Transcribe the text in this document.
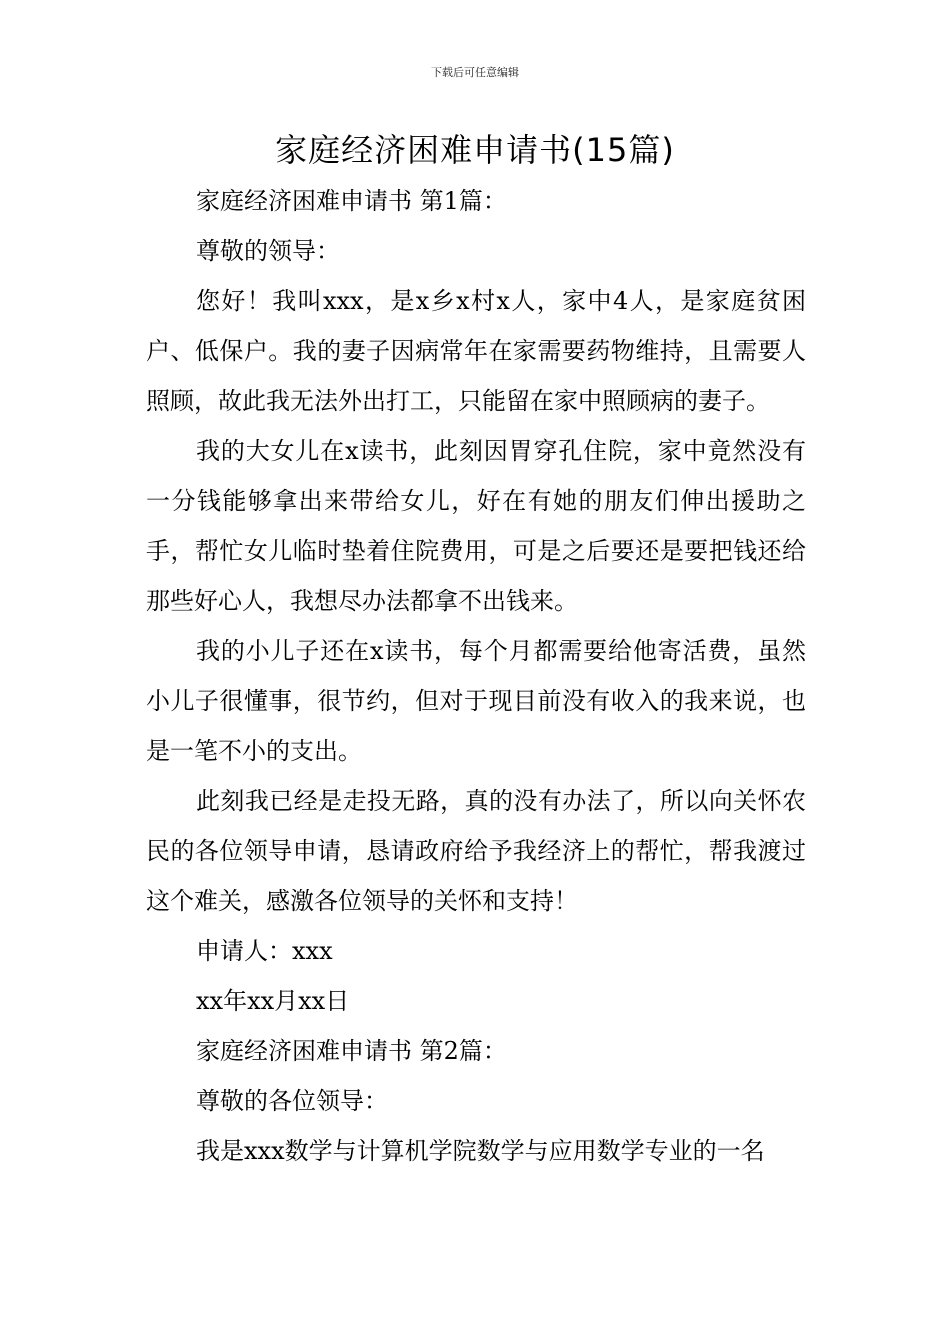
下载后可任意编辑
家庭经济困难申请书(15篇)

家庭经济困难申请书 第1篇：

尊敬的领导：

您好！我叫xxx，是x乡x村x人，家中4人，是家庭贫困户、低保户。我的妻子因病常年在家需要药物维持，且需要人照顾，故此我无法外出打工，只能留在家中照顾病的妻子。

我的大女儿在x读书，此刻因胃穿孔住院，家中竟然没有一分钱能够拿出来带给女儿，好在有她的朋友们伸出援助之手，帮忙女儿临时垫着住院费用，可是之后要还是要把钱还给那些好心人，我想尽办法都拿不出钱来。

我的小儿子还在x读书，每个月都需要给他寄活费，虽然小儿子很懂事，很节约，但对于现目前没有收入的我来说，也是一笔不小的支出。

此刻我已经是走投无路，真的没有办法了，所以向关怀农民的各位领导申请，恳请政府给予我经济上的帮忙，帮我渡过这个难关，感激各位领导的关怀和支持！

申请人：xxx

xx年xx月xx日

家庭经济困难申请书 第2篇：

尊敬的各位领导：

我是xxx数学与计算机学院数学与应用数学专业的一名
